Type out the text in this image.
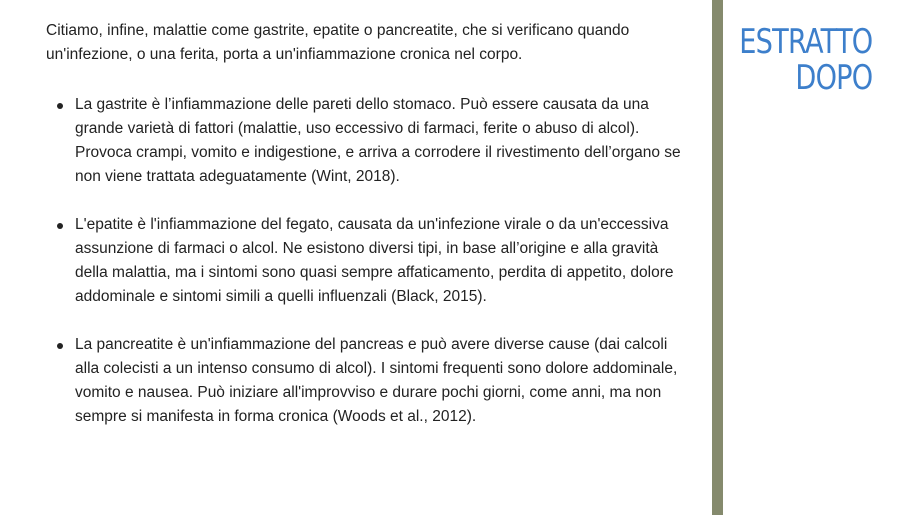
Citiamo, infine, malattie come gastrite, epatite o pancreatite, che si verificano quando un'infezione, o una ferita, porta a un'infiammazione cronica nel corpo.

La gastrite è l’infiammazione delle pareti dello stomaco. Può essere causata da una grande varietà di fattori (malattie, uso eccessivo di farmaci, ferite o abuso di alcol). Provoca crampi, vomito e indigestione, e arriva a corrodere il rivestimento dell’organo se non viene trattata adeguatamente (Wint, 2018).
L'epatite è l'infiammazione del fegato, causata da un'infezione virale o da un'eccessiva assunzione di farmaci o alcol. Ne esistono diversi tipi, in base all’origine e alla gravità della malattia, ma i sintomi sono quasi sempre affaticamento, perdita di appetito, dolore addominale e sintomi simili a quelli influenzali (Black, 2015).
La pancreatite è un'infiammazione del pancreas e può avere diverse cause (dai calcoli alla colecisti a un intenso consumo di alcol). I sintomi frequenti sono dolore addominale, vomito e nausea. Può iniziare all'improvviso e durare pochi giorni, come anni, ma non sempre si manifesta in forma cronica (Woods et al., 2012).
ESTRATTO
DOPO
